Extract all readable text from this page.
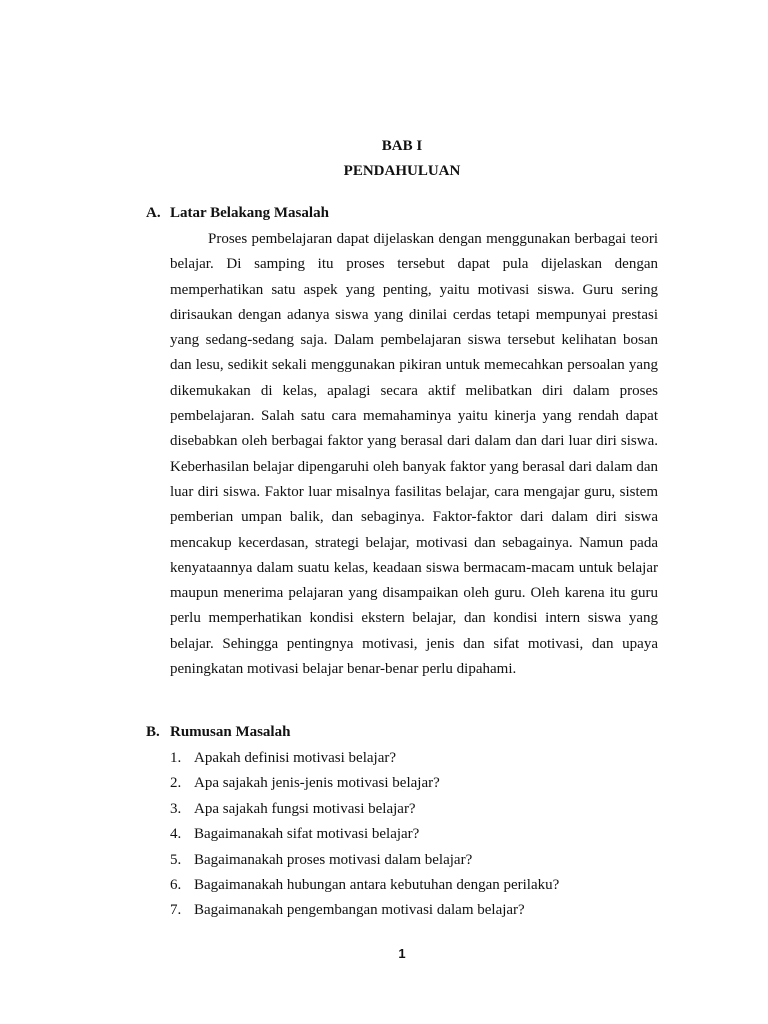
BAB I
PENDAHULUAN
A. Latar Belakang Masalah

Proses pembelajaran dapat dijelaskan dengan menggunakan berbagai teori belajar. Di samping itu proses tersebut dapat pula dijelaskan dengan memperhatikan satu aspek yang penting, yaitu motivasi siswa. Guru sering dirisaukan dengan adanya siswa yang dinilai cerdas tetapi mempunyai prestasi yang sedang-sedang saja. Dalam pembelajaran siswa tersebut kelihatan bosan dan lesu, sedikit sekali menggunakan pikiran untuk memecahkan persoalan yang dikemukakan di kelas, apalagi secara aktif melibatkan diri dalam proses pembelajaran. Salah satu cara memahaminya yaitu kinerja yang rendah dapat disebabkan oleh berbagai faktor yang berasal dari dalam dan dari luar diri siswa. Keberhasilan belajar dipengaruhi oleh banyak faktor yang berasal dari dalam dan luar diri siswa. Faktor luar misalnya fasilitas belajar, cara mengajar guru, sistem pemberian umpan balik, dan sebaginya. Faktor-faktor dari dalam diri siswa mencakup kecerdasan, strategi belajar, motivasi dan sebagainya. Namun pada kenyataannya dalam suatu kelas, keadaan siswa bermacam-macam untuk belajar maupun menerima pelajaran yang disampaikan oleh guru. Oleh karena itu guru perlu memperhatikan kondisi ekstern belajar, dan kondisi intern siswa yang belajar. Sehingga pentingnya motivasi, jenis dan sifat motivasi, dan upaya peningkatan motivasi belajar benar-benar perlu dipahami.

B. Rumusan Masalah
1. Apakah definisi motivasi belajar?
2. Apa sajakah jenis-jenis motivasi belajar?
3. Apa sajakah fungsi motivasi belajar?
4. Bagaimanakah sifat motivasi belajar?
5. Bagaimanakah proses motivasi dalam belajar?
6. Bagaimanakah hubungan antara kebutuhan dengan perilaku?
7. Bagaimanakah pengembangan motivasi dalam belajar?
1
